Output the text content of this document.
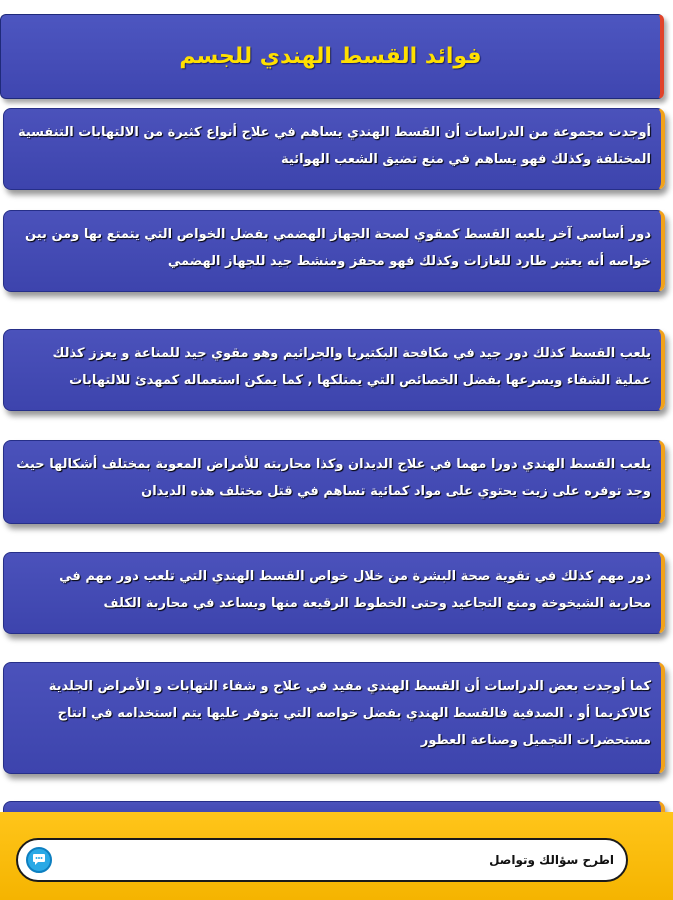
فوائد القسط الهندي للجسم
أوجدت مجموعة من الدراسات أن القسط الهندي يساهم في علاج أنواع كثيرة من الالتهابات التنفسية المختلفة وكذلك فهو يساهم في منع تضيق الشعب الهوائية
دور أساسي آخر يلعبه القسط كمقوي لصحة الجهاز الهضمي بفضل الخواص التي يتمتع بها ومن بين خواصه أنه يعتبر طارد للغازات وكذلك فهو محفز ومنشط جيد للجهاز الهضمي
يلعب القسط كذلك دور جيد في مكافحة البكتيريا والجراثيم وهو مقوي جيد للمناعة و يعزز كذلك عملية الشفاء ويسرعها بفضل الخصائص التي يمتلكها , كما يمكن استعماله كمهدئ للالتهابات
يلعب القسط الهندي دورا مهما في علاج الديدان وكذا محاربته للأمراض المعوية بمختلف أشكالها حيث وجد توفره على زيت يحتوي على مواد كمائية تساهم في قتل مختلف هذه الديدان
دور مهم كذلك في تقوية صحة البشرة من خلال خواص القسط الهندي التي تلعب دور مهم في محاربة الشيخوخة ومنع التجاعيد وحتى الخطوط الرقيعة منها ويساعد في محاربة الكلف
كما أوجدت بعض الدراسات أن القسط الهندي مفيد في علاج و شفاء التهابات و الأمراض الجلدية كالاكزيما أو . الصدفية فالقسط الهندي بفضل خواصه التي يتوفر عليها يتم استخدامه في انتاج مستحضرات التجميل وصناعة العطور
اطرح سؤالك وتواصل
